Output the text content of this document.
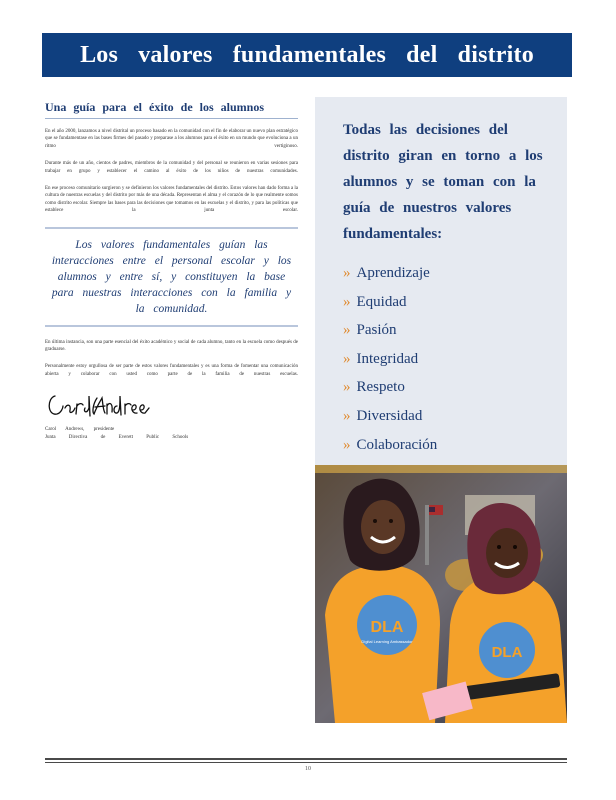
Los valores fundamentales del distrito
Una guía para el éxito de los alumnos

En el año 2000, lanzamos a nivel distrital un proceso basado en la comunidad con el fin de elaborar un nuevo plan estratégico que se fundamentase en las bases firmes del pasado y preparase a los alumnos para el éxito en un mundo que evoluciona a un ritmo vertiginoso.

Durante más de un año, cientos de padres, miembros de la comunidad y del personal se reunieron en varias sesiones para trabajar en grupo y establecer el camino al éxito de los niños de nuestras comunidades.

En ese proceso comunitario surgieron y se definieron los valores fundamentales del distrito. Estos valores han dado forma a la cultura de nuestras escuelas y del distrito por más de una década. Representan el alma y el corazón de lo que realmente somos como distrito escolar. Siempre las bases para las decisiones que tomamos en las escuelas y el distrito, y para las políticas que establece la junta escolar.

Los valores fundamentales guían las interacciones entre el personal escolar y los alumnos y entre sí, y constituyen la base para nuestras interacciones con la familia y la comunidad.

En última instancia, son una parte esencial del éxito académico y social de cada alumno, tanto en la escuela como después de graduarse.

Personalmente estoy orgullosa de ser parte de estos valores fundamentales y es una forma de fomentar una comunicación abierta y colaborar con usted como parte de la familia de nuestras escuelas.

Carol Andrews, presidente

Junta Directiva de Everett Public Schools

Todas las decisiones del distrito giran en torno a los alumnos y se toman con la guía de nuestros valores fundamentales:

» Aprendizaje
» Equidad
» Pasión
» Integridad
» Respeto
» Diversidad
» Colaboración
DLA
Digital Learning Ambassador
DLA
10
